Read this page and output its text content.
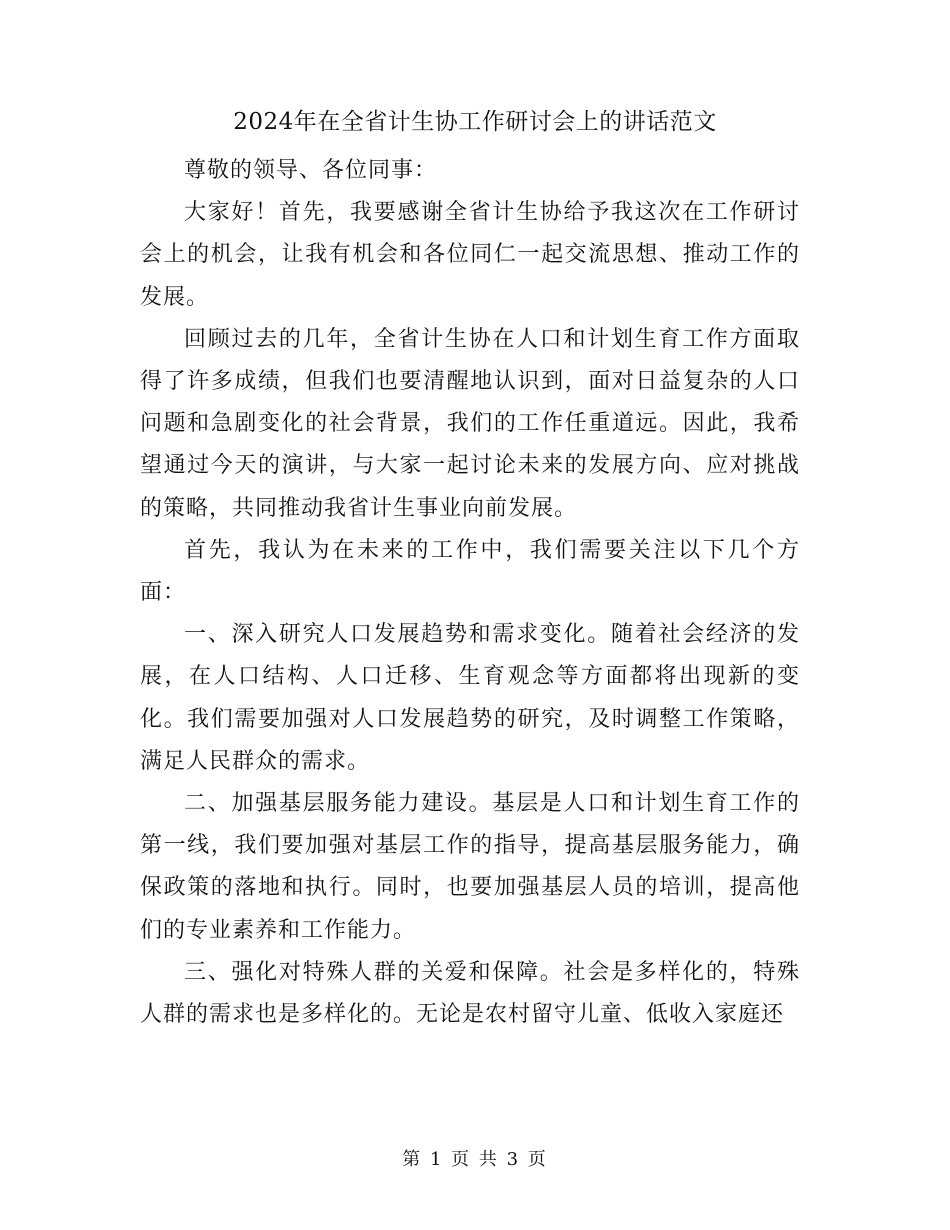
2024年在全省计生协工作研讨会上的讲话范文

尊敬的领导、各位同事：

大家好！首先，我要感谢全省计生协给予我这次在工作研讨会上的机会，让我有机会和各位同仁一起交流思想、推动工作的发展。

回顾过去的几年，全省计生协在人口和计划生育工作方面取得了许多成绩，但我们也要清醒地认识到，面对日益复杂的人口问题和急剧变化的社会背景，我们的工作任重道远。因此，我希望通过今天的演讲，与大家一起讨论未来的发展方向、应对挑战的策略，共同推动我省计生事业向前发展。

首先，我认为在未来的工作中，我们需要关注以下几个方面：

一、深入研究人口发展趋势和需求变化。随着社会经济的发展，在人口结构、人口迁移、生育观念等方面都将出现新的变化。我们需要加强对人口发展趋势的研究，及时调整工作策略，满足人民群众的需求。

二、加强基层服务能力建设。基层是人口和计划生育工作的第一线，我们要加强对基层工作的指导，提高基层服务能力，确保政策的落地和执行。同时，也要加强基层人员的培训，提高他们的专业素养和工作能力。

三、强化对特殊人群的关爱和保障。社会是多样化的，特殊人群的需求也是多样化的。无论是农村留守儿童、低收入家庭还

第 1 页 共 3 页
